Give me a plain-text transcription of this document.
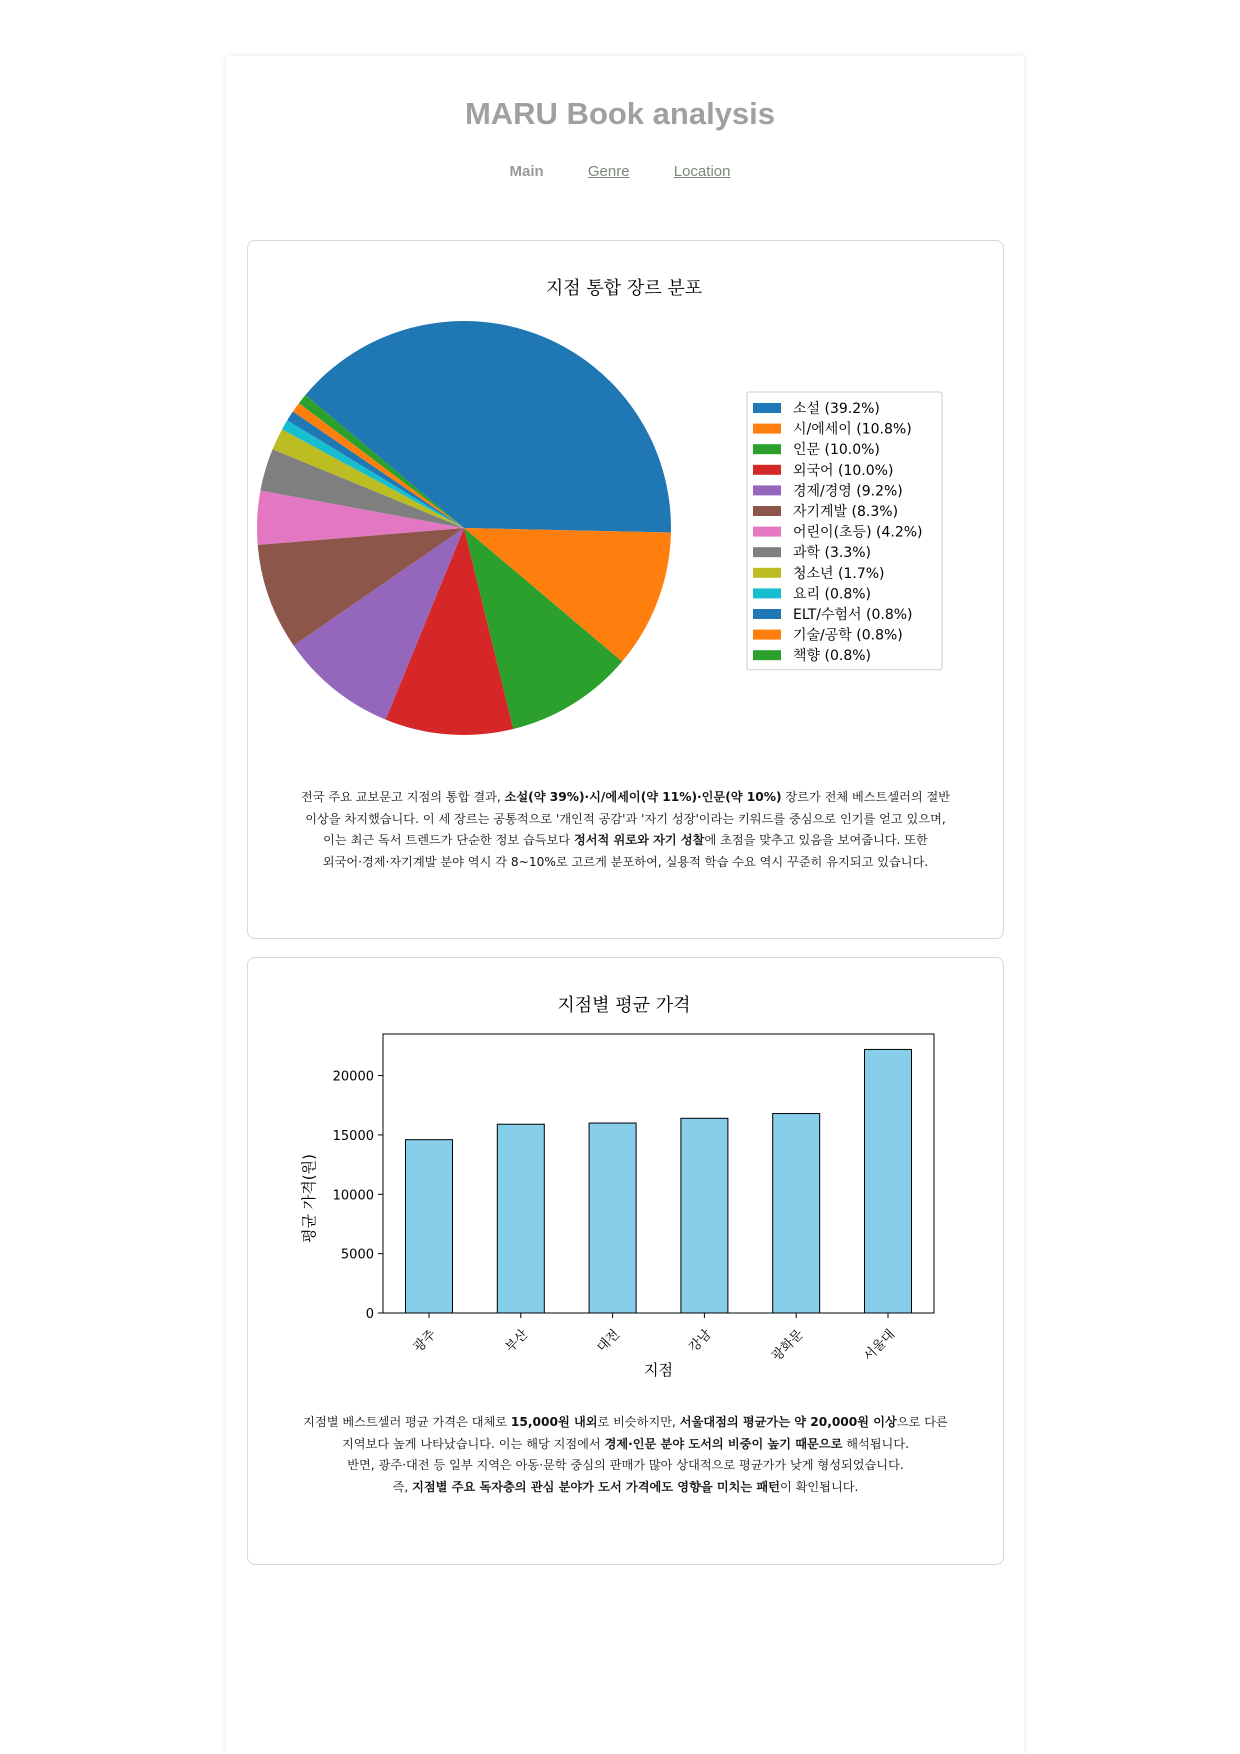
MARU Book analysis
Main	Genre	Location
지점 통합 장르 분포
소설 (39.2%)
시/에세이 (10.8%)
인문 (10.0%)
외국어 (10.0%)
경제/경영 (9.2%)
자기계발 (8.3%)
어린이(초등) (4.2%)
과학 (3.3%)
청소년 (1.7%)
요리 (0.8%)
ELT/수험서 (0.8%)
기술/공학 (0.8%)
책향 (0.8%)

전국 주요 교보문고 지점의 통합 결과, 소설(약 39%)·시/에세이(약 11%)·인문(약 10%) 장르가 전체 베스트셀러의 절반

이상을 차지했습니다. 이 세 장르는 공통적으로 '개인적 공감'과 '자기 성장'이라는 키워드를 중심으로 인기를 얻고 있으며,

이는 최근 독서 트렌드가 단순한 정보 습득보다 정서적 위로와 자기 성찰에 초점을 맞추고 있음을 보여줍니다. 또한

외국어·경제·자기계발 분야 역시 각 8~10%로 고르게 분포하여, 실용적 학습 수요 역시 꾸준히 유지되고 있습니다.

지점별 평균 가격
0
5000
10000
15000
20000
광주	부산	대전	강남	광화문	서울대
지점
평균 가격(원)

지점별 베스트셀러 평균 가격은 대체로 15,000원 내외로 비슷하지만, 서울대점의 평균가는 약 20,000원 이상으로 다른

지역보다 높게 나타났습니다. 이는 해당 지점에서 경제·인문 분야 도서의 비중이 높기 때문으로 해석됩니다.

반면, 광주·대전 등 일부 지역은 아동·문학 중심의 판매가 많아 상대적으로 평균가가 낮게 형성되었습니다.

즉, 지점별 주요 독자층의 관심 분야가 도서 가격에도 영향을 미치는 패턴이 확인됩니다.
